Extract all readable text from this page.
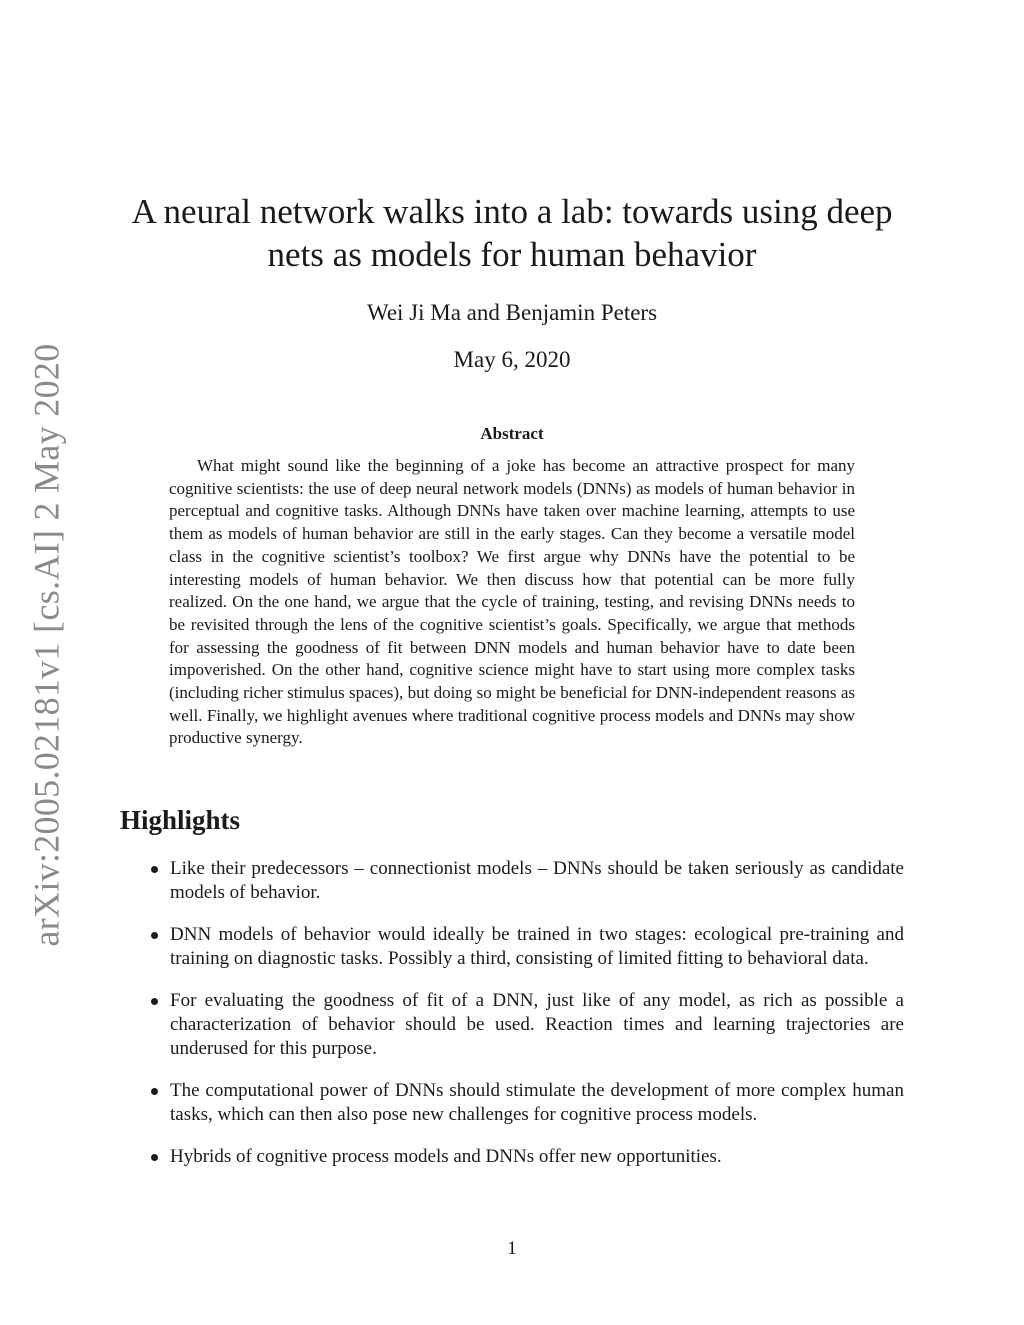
arXiv:2005.02181v1 [cs.AI] 2 May 2020
A neural network walks into a lab: towards using deep nets as models for human behavior
Wei Ji Ma and Benjamin Peters
May 6, 2020
Abstract

What might sound like the beginning of a joke has become an attractive prospect for many cognitive scientists: the use of deep neural network models (DNNs) as models of human behavior in perceptual and cognitive tasks. Although DNNs have taken over machine learning, attempts to use them as models of human behavior are still in the early stages. Can they become a versatile model class in the cognitive scientist’s toolbox? We first argue why DNNs have the potential to be interesting models of human behavior. We then discuss how that potential can be more fully realized. On the one hand, we argue that the cycle of training, testing, and revising DNNs needs to be revisited through the lens of the cognitive scientist’s goals. Specifically, we argue that methods for assessing the goodness of fit between DNN models and human behavior have to date been impoverished. On the other hand, cognitive science might have to start using more complex tasks (including richer stimulus spaces), but doing so might be beneficial for DNN-independent reasons as well. Finally, we highlight avenues where traditional cognitive process models and DNNs may show productive synergy.

Highlights
Like their predecessors – connectionist models – DNNs should be taken seriously as candidate models of behavior.
DNN models of behavior would ideally be trained in two stages: ecological pre-training and training on diagnostic tasks. Possibly a third, consisting of limited fitting to behavioral data.
For evaluating the goodness of fit of a DNN, just like of any model, as rich as possible a characterization of behavior should be used. Reaction times and learning trajectories are underused for this purpose.
The computational power of DNNs should stimulate the development of more complex human tasks, which can then also pose new challenges for cognitive process models.
Hybrids of cognitive process models and DNNs offer new opportunities.
1
